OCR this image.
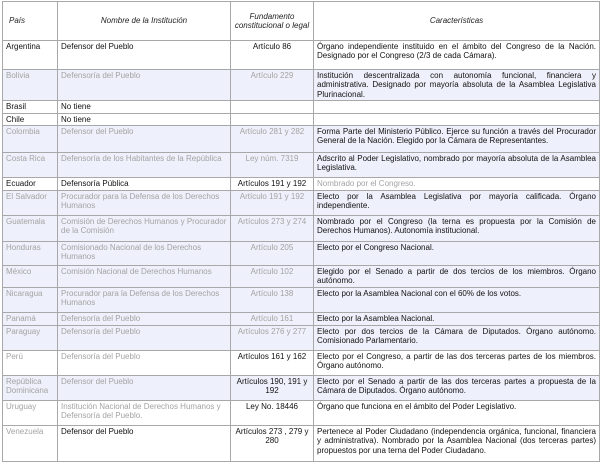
País	Nombre de la Institución	Fundamento constitucional o legal	Características
Argentina	Defensor del Pueblo	Artículo 86	Órgano independiente instituido en el ámbito del Congreso de la Nación. Designado por el Congreso (2/3 de cada Cámara).
Bolivia	Defensoría del Pueblo	Artículo 229	Institución descentralizada con autonomía funcional, financiera y administrativa. Designado por mayoría absoluta de la Asamblea Legislativa Plurinacional.
Brasil	No tiene		
Chile	No tiene		
Colombia	Defensor del Pueblo	Artículo 281 y 282	Forma Parte del Ministerio Público. Ejerce su función a través del Procurador General de la Nación. Elegido por la Cámara de Representantes.
Costa Rica	Defensoría de los Habitantes de la República	Ley núm. 7319	Adscrito al Poder Legislativo, nombrado por mayoría absoluta de la Asamblea Legislativa.
Ecuador	Defensoría Pública	Artículos 191 y 192	Nombrado por el Congreso.
El Salvador	Procurador para la Defensa de los Derechos Humanos	Artículo 191 y 192	Electo por la Asamblea Legislativa por mayoría calificada. Órgano independiente.
Guatemala	Comisión de Derechos Humanos y Procurador de la Comisión	Artículos 273 y 274	Nombrado por el Congreso (la terna es propuesta por la Comisión de Derechos Humanos). Autonomía institucional.
Honduras	Comisionado Nacional de los Derechos Humanos	Artículo 205	Electo por el Congreso Nacional.
México	Comisión Nacional de Derechos Humanos	Artículo 102	Elegido por el Senado a partir de dos tercios de los miembros. Órgano autónomo.
Nicaragua	Procurador para la Defensa de los Derechos Humanos	Artículo 138	Electo por la Asamblea Nacional con el 60% de los votos.
Panamá	Defensoría del Pueblo	Artículo 161	Electo por la Asamblea Nacional.
Paraguay	Defensoría del Pueblo	Artículos 276 y 277	Electo por dos tercios de la Cámara de Diputados. Órgano autónomo. Comisionado Parlamentario.
Perú	Defensoría del Pueblo	Artículos 161 y 162	Electo por el Congreso, a partir de las dos terceras partes de los miembros. Órgano autónomo.
República Dominicana	Defensor del Pueblo	Artículos 190, 191 y 192	Electo por el Senado a partir de las dos terceras partes a propuesta de la Cámara de Diputados. Órgano autónomo.
Uruguay	Institución Nacional de Derechos Humanos y Defensoría del Pueblo.	Ley No. 18446	Órgano que funciona en el ámbito del Poder Legislativo.
Venezuela	Defensor del Pueblo	Artículos 273 , 279 y 280	Pertenece al Poder Ciudadano (independencia orgánica, funcional, financiera y administrativa). Nombrado por la Asamblea Nacional (dos terceras partes) propuestos por una terna del Poder Ciudadano.
